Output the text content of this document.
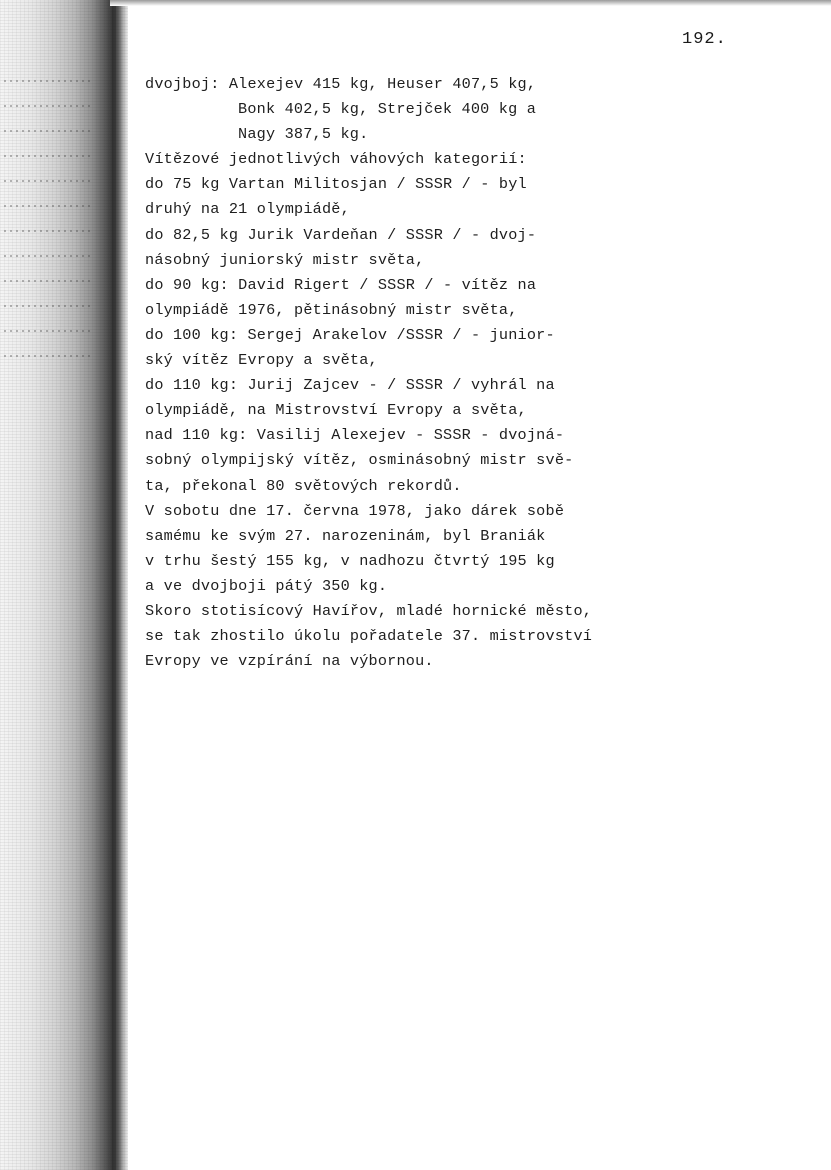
192.
dvojboj: Alexejev 415 kg, Heuser 407,5 kg,
Bonk 402,5 kg, Strejček 400 kg a
Nagy 387,5 kg.
Vítězové jednotlivých váhových kategorií:
do 75 kg Vartan Militosjan / SSSR / - byl
druhý na 21 olympiádě,
do 82,5 kg Jurik Vardeňan / SSSR / - dvoj-
násobný juniorský mistr světa,
do 90 kg: David Rigert / SSSR / - vítěz na
olympiádě 1976, pětinásobný mistr světa,
do 100 kg: Sergej Arakelov /SSSR / - junior-
ský vítěz Evropy a světa,
do 110 kg: Jurij Zajcev - / SSSR / vyhrál na
olympiádě, na Mistrovství Evropy a světa,
nad 110 kg: Vasilij Alexejev - SSSR - dvojná-
sobný olympijský vítěz, osminásobný mistr svě-
ta, překonal 80 světových rekordů.
V sobotu dne 17. června 1978, jako dárek sobě
samému ke svým 27. narozeninám, byl Braniák
v trhu šestý 155 kg, v nadhozu čtvrtý 195 kg
a ve dvojboji pátý 350 kg.
Skoro stotisícový Havířov, mladé hornické město,
se tak zhostilo úkolu pořadatele 37. mistrovství
Evropy ve vzpírání na výbornou.
